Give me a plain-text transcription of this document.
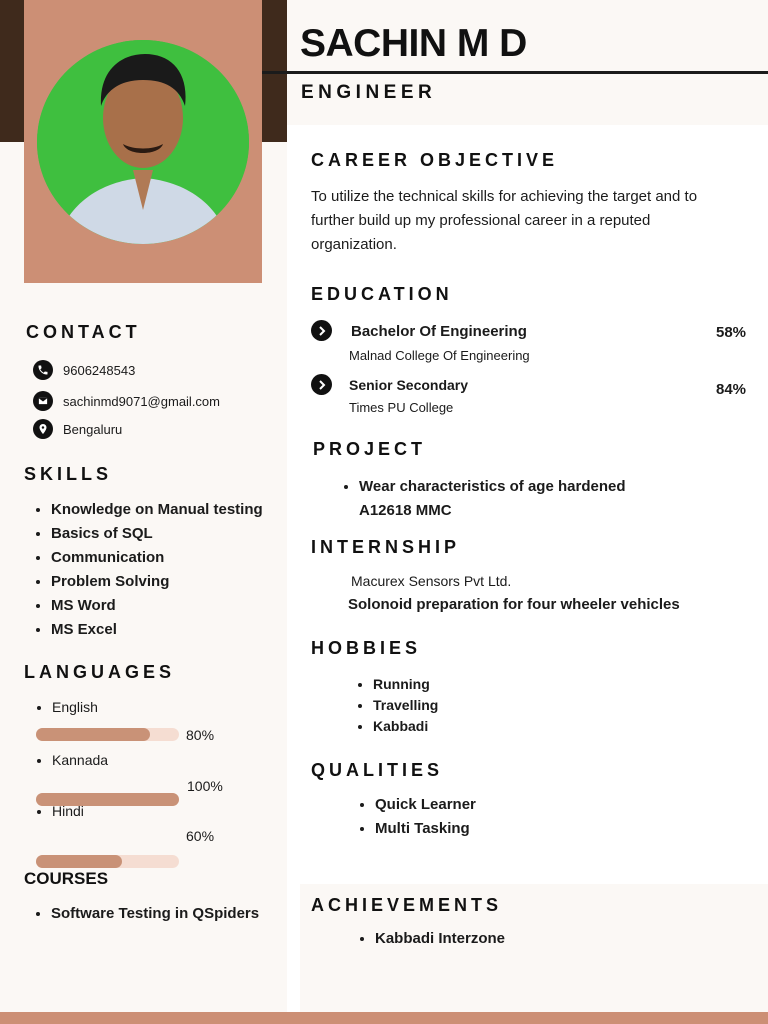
SACHIN M D
ENGINEER
CONTACT
9606248543
sachinmd9071@gmail.com
Bengaluru
SKILLS
• Knowledge on Manual testing
• Basics of SQL
• Communication
• Problem Solving
• MS Word
• MS Excel
LANGUAGES
• English
80%
• Kannada
100%
• Hindi
60%
COURSES
• Software Testing in QSpiders
CAREER OBJECTIVE
To utilize the technical skills for achieving the target and to further build up my professional career in a reputed organization.
EDUCATION
Bachelor Of Engineering
Malnad College Of Engineering
58%
Senior Secondary
Times PU College
84%
PROJECT
• Wear characteristics of age hardened
A12618 MMC
INTERNSHIP
Macurex Sensors Pvt Ltd.
Solonoid preparation for four wheeler vehicles
HOBBIES
• Running
• Travelling
• Kabbadi
QUALITIES
• Quick Learner
• Multi Tasking
ACHIEVEMENTS
• Kabbadi Interzone
